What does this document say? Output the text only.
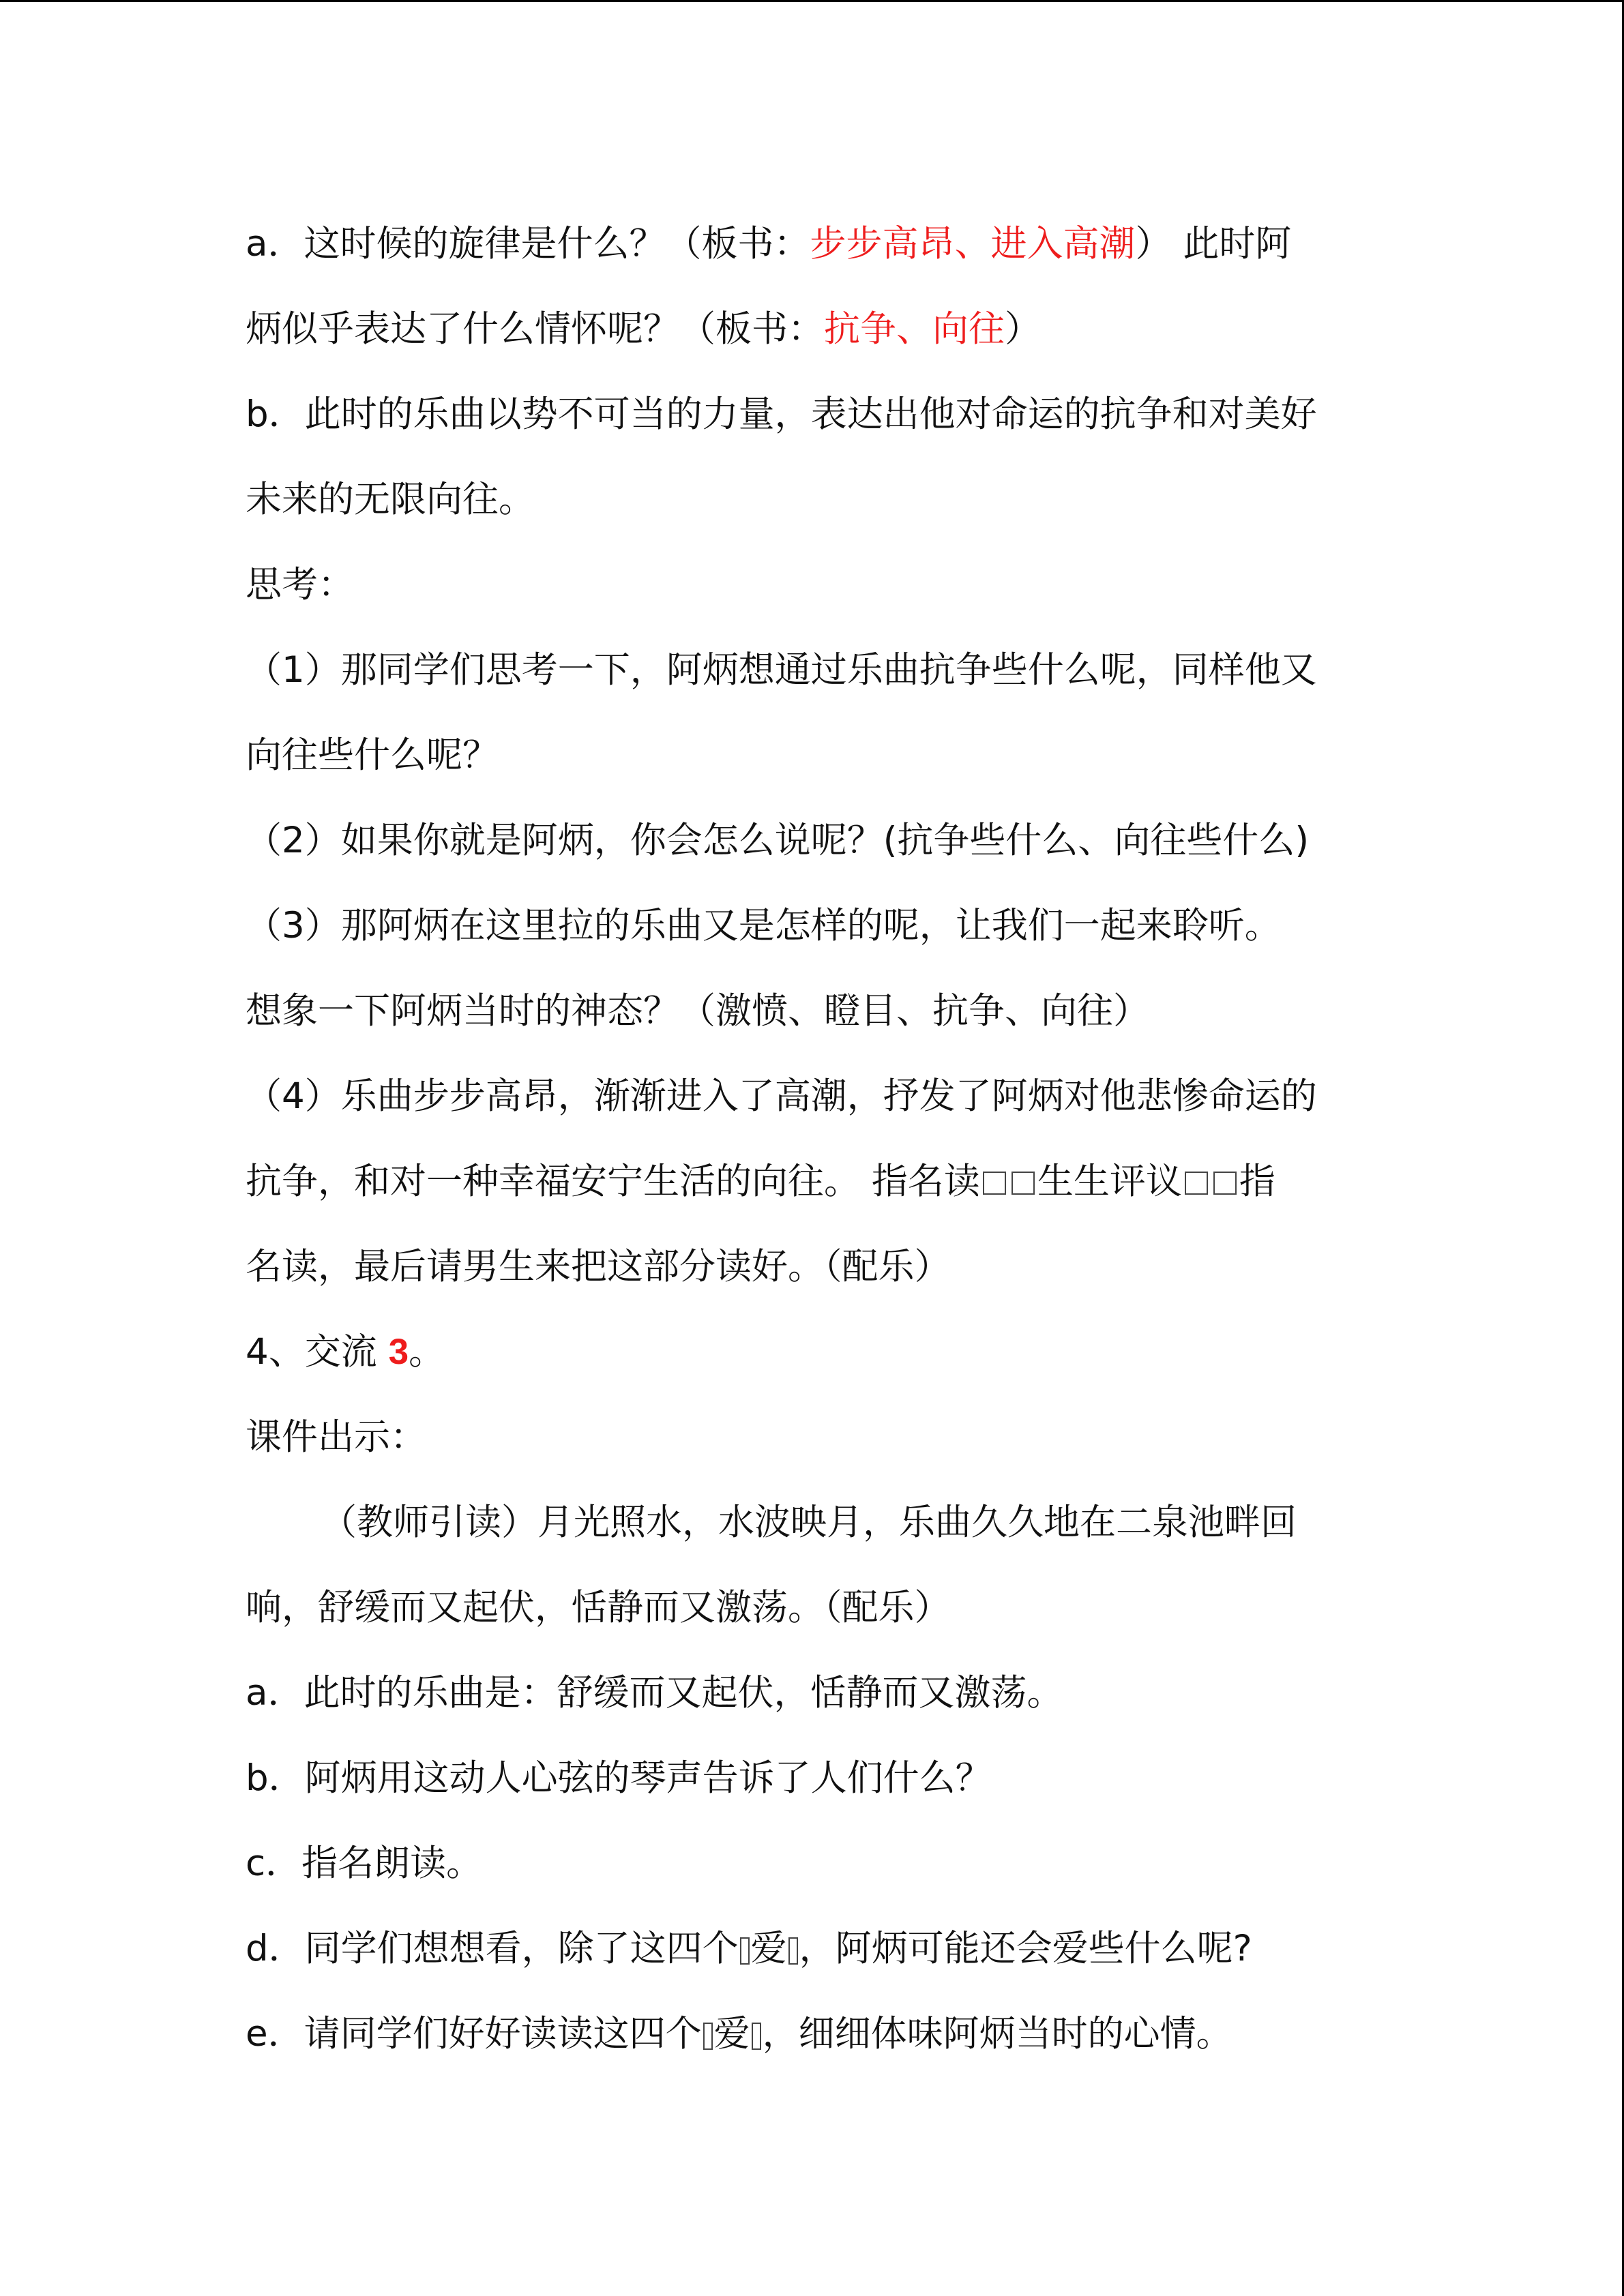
a．这时候的旋律是什么？（板书：步步高昂、进入高潮） 此时阿
炳似乎表达了什么情怀呢？（板书：抗争、向往）
b．此时的乐曲以势不可当的力量，表达出他对命运的抗争和对美好
未来的无限向往。
思考：
（1）那同学们思考一下，阿炳想通过乐曲抗争些什么呢，同样他又
向往些什么呢？
（2）如果你就是阿炳，你会怎么说呢？(抗争些什么、向往些什么)
（3）那阿炳在这里拉的乐曲又是怎样的呢，让我们一起来聆听。
想象一下阿炳当时的神态？（激愤、瞪目、抗争、向往）
（4）乐曲步步高昂，渐渐进入了高潮，抒发了阿炳对他悲惨命运的
抗争，和对一种幸福安宁生活的向往。 指名读 生生评议 指
名读，最后请男生来把这部分读好。（配乐）
4、交流 3。
课件出示：
（教师引读）月光照水，水波映月，乐曲久久地在二泉池畔回
响，舒缓而又起伏，恬静而又激荡。（配乐）
a．此时的乐曲是：舒缓而又起伏，恬静而又激荡。
b．阿炳用这动人心弦的琴声告诉了人们什么？
c．指名朗读。
d．同学们想想看，除了这四个 爱 ，阿炳可能还会爱些什么呢?
e．请同学们好好读读这四个 爱 ，细细体味阿炳当时的心情。
